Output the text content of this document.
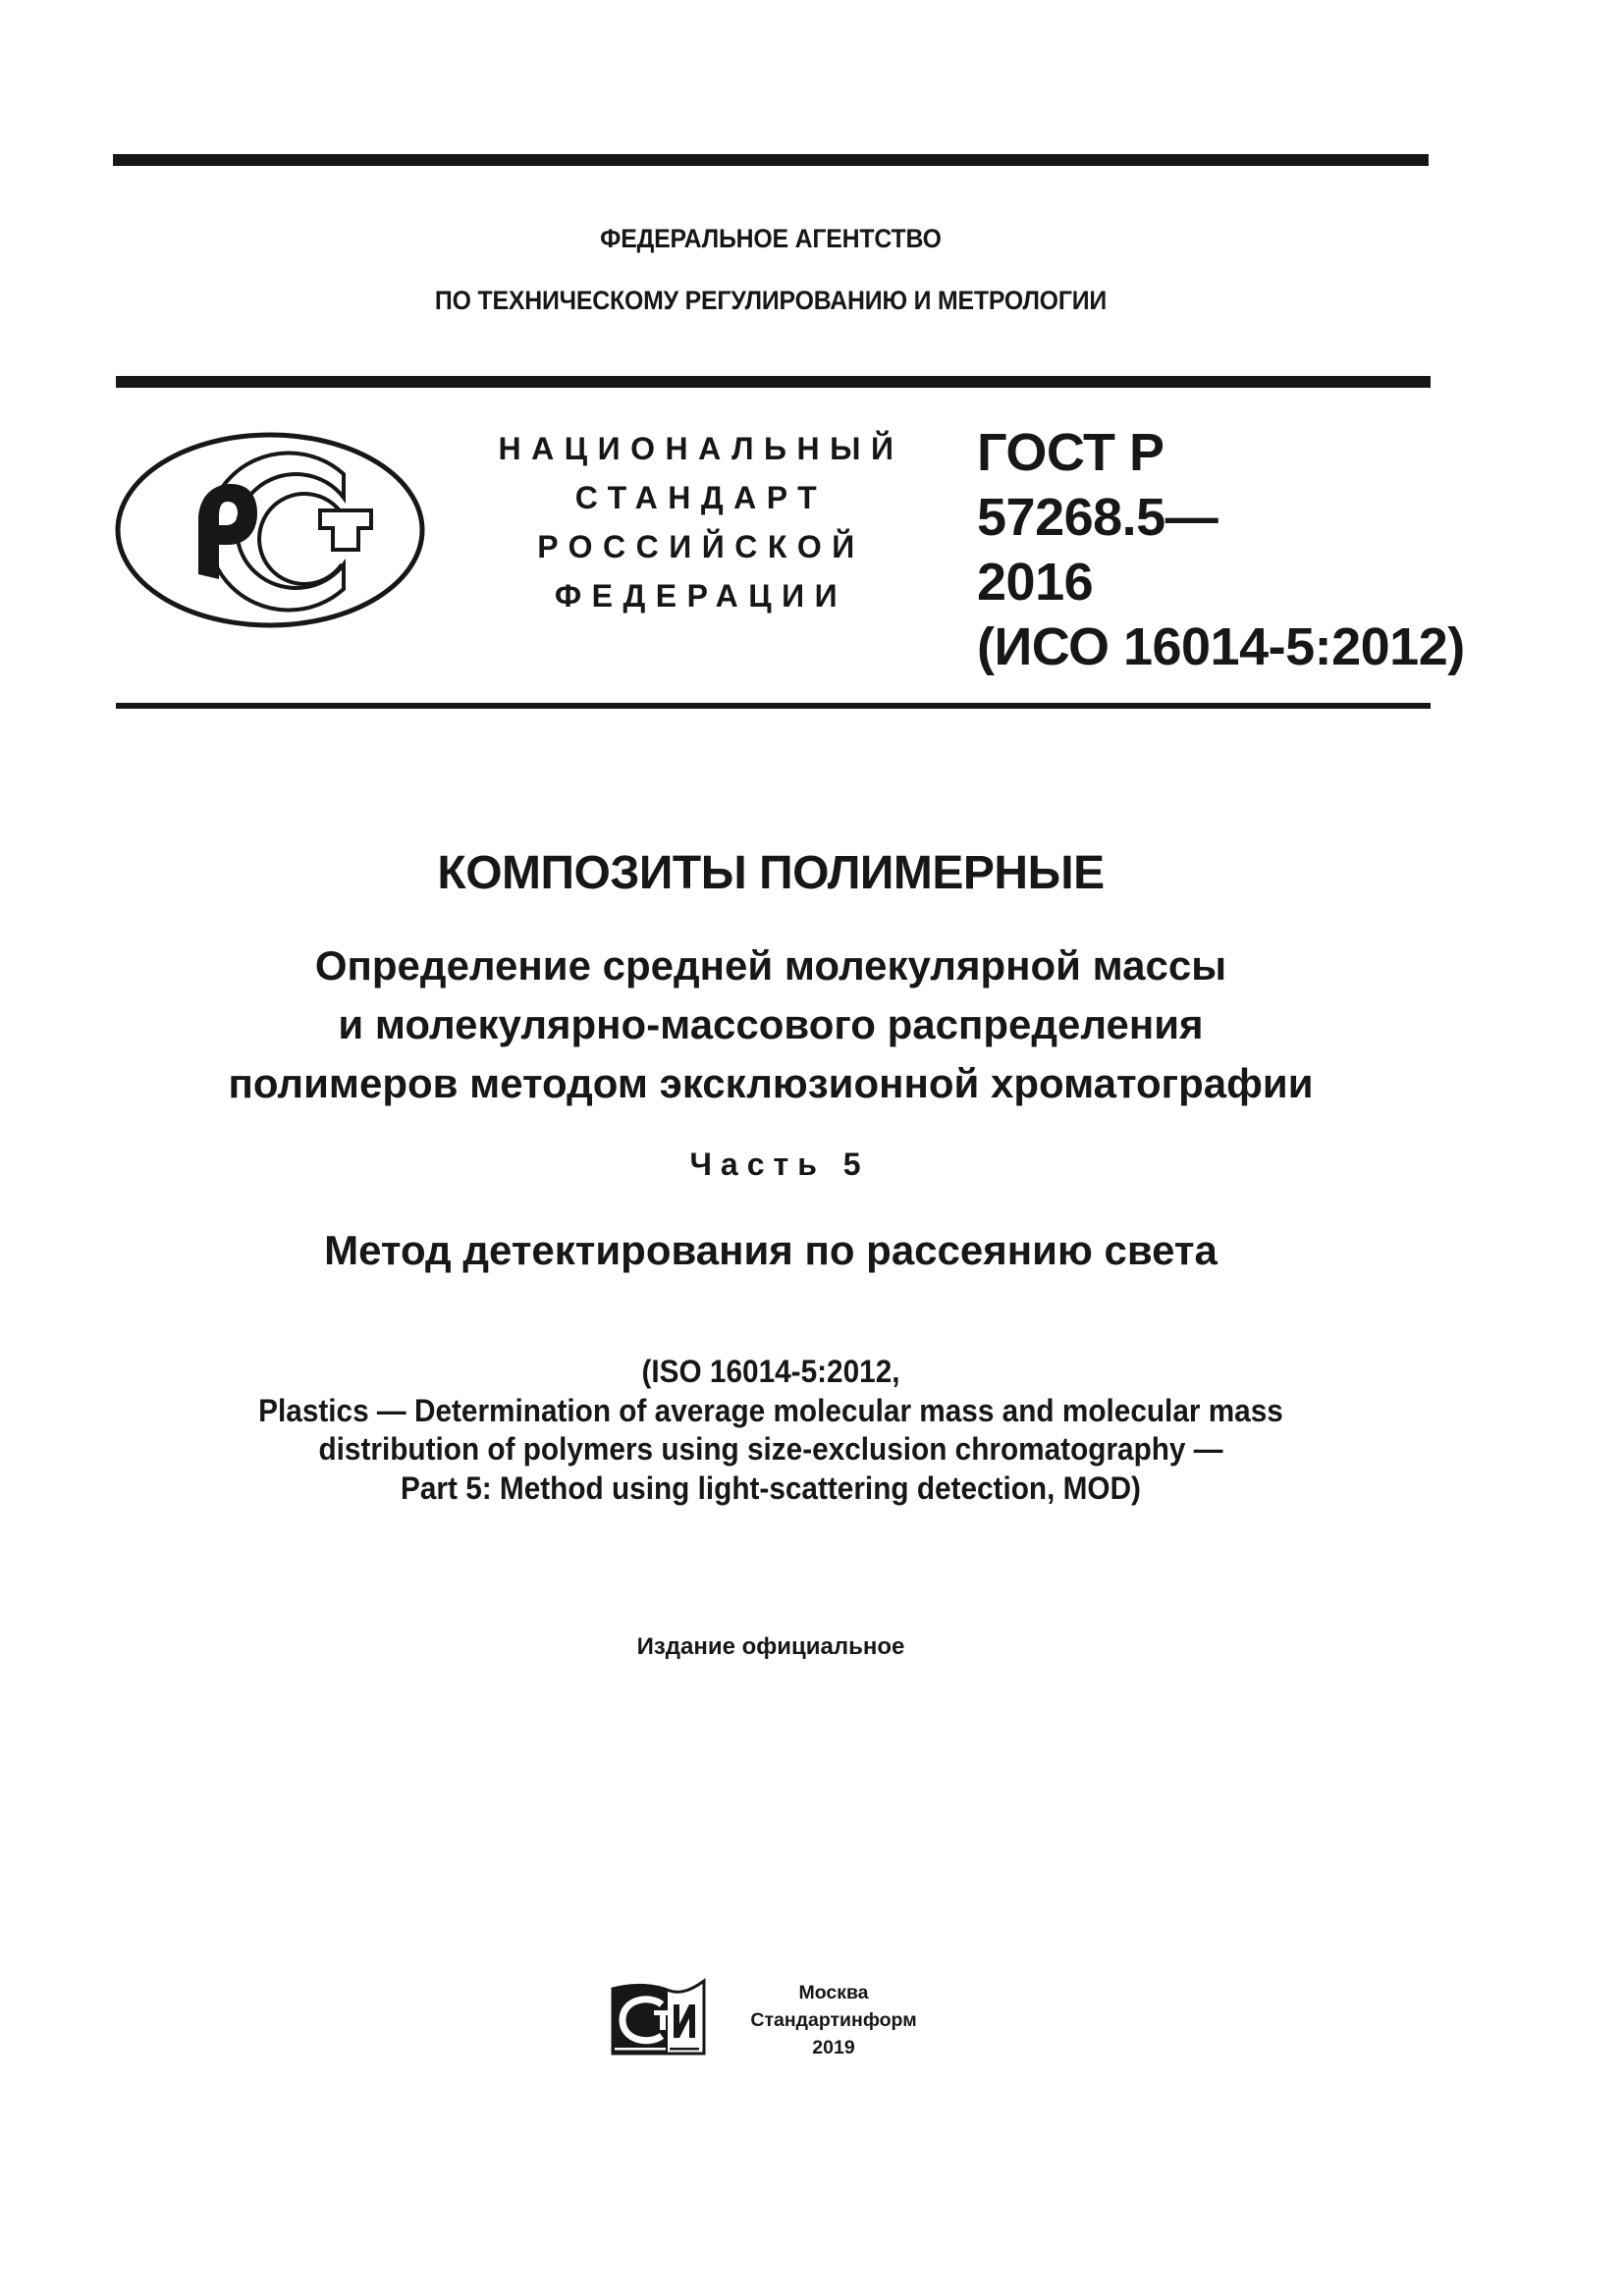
ФЕДЕРАЛЬНОЕ АГЕНТСТВО
ПО ТЕХНИЧЕСКОМУ РЕГУЛИРОВАНИЮ И МЕТРОЛОГИИ
НАЦИОНАЛЬНЫЙ
СТАНДАРТ
РОССИЙСКОЙ
ФЕДЕРАЦИИ
ГОСТ Р
57268.5—
2016
(ИСО 16014-5:2012)
КОМПОЗИТЫ ПОЛИМЕРНЫЕ
Определение средней молекулярной массы
и молекулярно-массового распределения
полимеров методом эксклюзионной хроматографии
Часть 5
Метод детектирования по рассеянию света
(ISO 16014-5:2012,
Plastics — Determination of average molecular mass and molecular mass
distribution of polymers using size-exclusion chromatography —
Part 5: Method using light-scattering detection, MOD)
Издание официальное
Москва
Стандартинформ
2019
